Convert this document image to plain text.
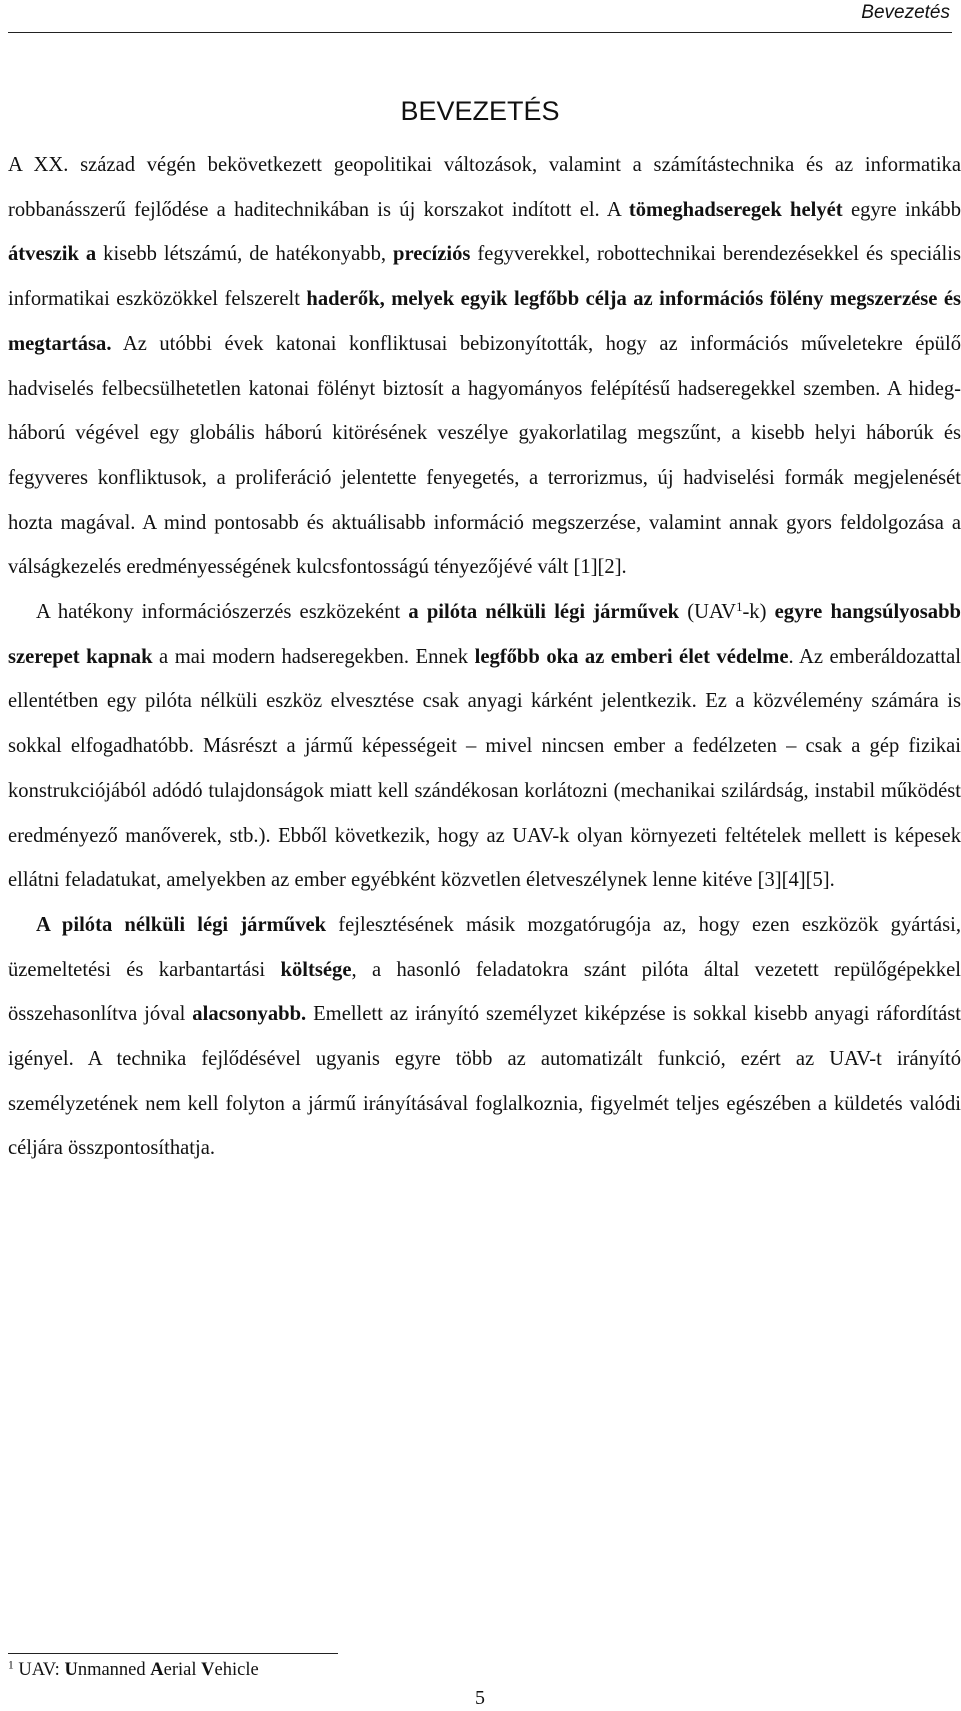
Bevezetés
BEVEZETÉS

A XX. század végén bekövetkezett geopolitikai változások, valamint a számítástechnika és az informatika robbanásszerű fejlődése a haditechnikában is új korszakot indított el. A tömeghadseregek helyét egyre inkább átveszik a kisebb létszámú, de hatékonyabb, precíziós fegyverekkel, robottechnikai berendezésekkel és speciális informatikai eszközökkel felszerelt haderők, melyek egyik legfőbb célja az információs fölény megszerzése és megtartása. Az utóbbi évek katonai konfliktusai bebizonyították, hogy az információs műveletekre épülő hadviselés felbecsülhetetlen katonai fölényt biztosít a hagyományos felépítésű hadseregekkel szemben. A hidegháború végével egy globális háború kitörésének veszélye gyakorlatilag megszűnt, a kisebb helyi háborúk és fegyveres konfliktusok, a proliferáció jelentette fenyegetés, a terrorizmus, új hadviselési formák megjelenését hozta magával. A mind pontosabb és aktuálisabb információ megszerzése, valamint annak gyors feldolgozása a válságkezelés eredményességének kulcsfontosságú tényezőjévé vált [1][2].

A hatékony információszerzés eszközeként a pilóta nélküli légi járművek (UAV$^1$-k) egyre hangsúlyosabb szerepet kapnak a mai modern hadseregekben. Ennek legfőbb oka az emberi élet védelme. Az emberáldozattal ellentétben egy pilóta nélküli eszköz elvesztése csak anyagi kárként jelentkezik. Ez a közvélemény számára is sokkal elfogadhatóbb. Másrészt a jármű képességeit – mivel nincsen ember a fedélzeten – csak a gép fizikai konstrukciójából adódó tulajdonságok miatt kell szándékosan korlátozni (mechanikai szilárdság, instabil működést eredményező manőverek, stb.). Ebből következik, hogy az UAV-k olyan környezeti feltételek mellett is képesek ellátni feladatukat, amelyekben az ember egyébként közvetlen életveszélynek lenne kitéve [3][4][5].

A pilóta nélküli légi járművek fejlesztésének másik mozgatórugója az, hogy ezen eszközök gyártási, üzemeltetési és karbantartási költsége, a hasonló feladatokra szánt pilóta által vezetett repülőgépekkel összehasonlítva jóval alacsonyabb. Emellett az irányító személyzet kiképzése is sokkal kisebb anyagi ráfordítást igényel. A technika fejlődésével ugyanis egyre több az automatizált funkció, ezért az UAV-t irányító személyzetének nem kell folyton a jármű irányításával foglalkoznia, figyelmét teljes egészében a küldetés valódi céljára összpontosíthatja.

$^1$ UAV: Unmanned Aerial Vehicle
5
